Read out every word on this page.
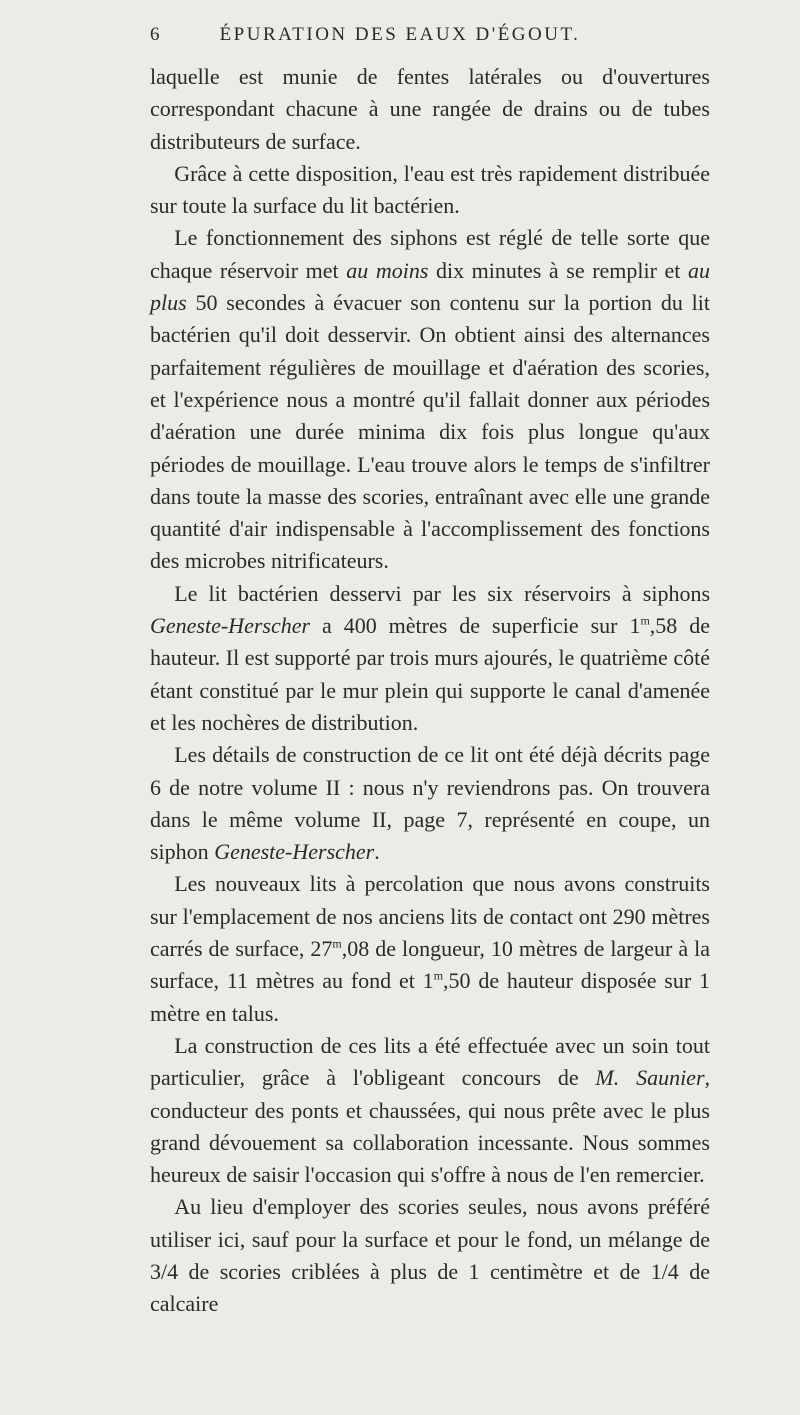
6	ÉPURATION DES EAUX D'ÉGOUT.

laquelle est munie de fentes latérales ou d'ouvertures correspondant chacune à une rangée de drains ou de tubes distributeurs de surface.

Grâce à cette disposition, l'eau est très rapidement distribuée sur toute la surface du lit bactérien.

Le fonctionnement des siphons est réglé de telle sorte que chaque réservoir met au moins dix minutes à se remplir et au plus 50 secondes à évacuer son contenu sur la portion du lit bactérien qu'il doit desservir. On obtient ainsi des alternances parfaitement régulières de mouillage et d'aération des scories, et l'expérience nous a montré qu'il fallait donner aux périodes d'aération une durée minima dix fois plus longue qu'aux périodes de mouillage. L'eau trouve alors le temps de s'infiltrer dans toute la masse des scories, entraînant avec elle une grande quantité d'air indispensable à l'accomplissement des fonctions des microbes nitrificateurs.

Le lit bactérien desservi par les six réservoirs à siphons Geneste-Herscher a 400 mètres de superficie sur 1$^m$,58 de hauteur. Il est supporté par trois murs ajourés, le quatrième côté étant constitué par le mur plein qui supporte le canal d'amenée et les nochères de distribution.

Les détails de construction de ce lit ont été déjà décrits page 6 de notre volume II : nous n'y reviendrons pas. On trouvera dans le même volume II, page 7, représenté en coupe, un siphon Geneste-Herscher.

Les nouveaux lits à percolation que nous avons construits sur l'emplacement de nos anciens lits de contact ont 290 mètres carrés de surface, 27$^m$,08 de longueur, 10 mètres de largeur à la surface, 11 mètres au fond et 1$^m$,50 de hauteur disposée sur 1 mètre en talus.

La construction de ces lits a été effectuée avec un soin tout particulier, grâce à l'obligeant concours de M. Saunier, conducteur des ponts et chaussées, qui nous prête avec le plus grand dévouement sa collaboration incessante. Nous sommes heureux de saisir l'occasion qui s'offre à nous de l'en remercier.

Au lieu d'employer des scories seules, nous avons préféré utiliser ici, sauf pour la surface et pour le fond, un mélange de 3/4 de scories criblées à plus de 1 centimètre et de 1/4 de calcaire
